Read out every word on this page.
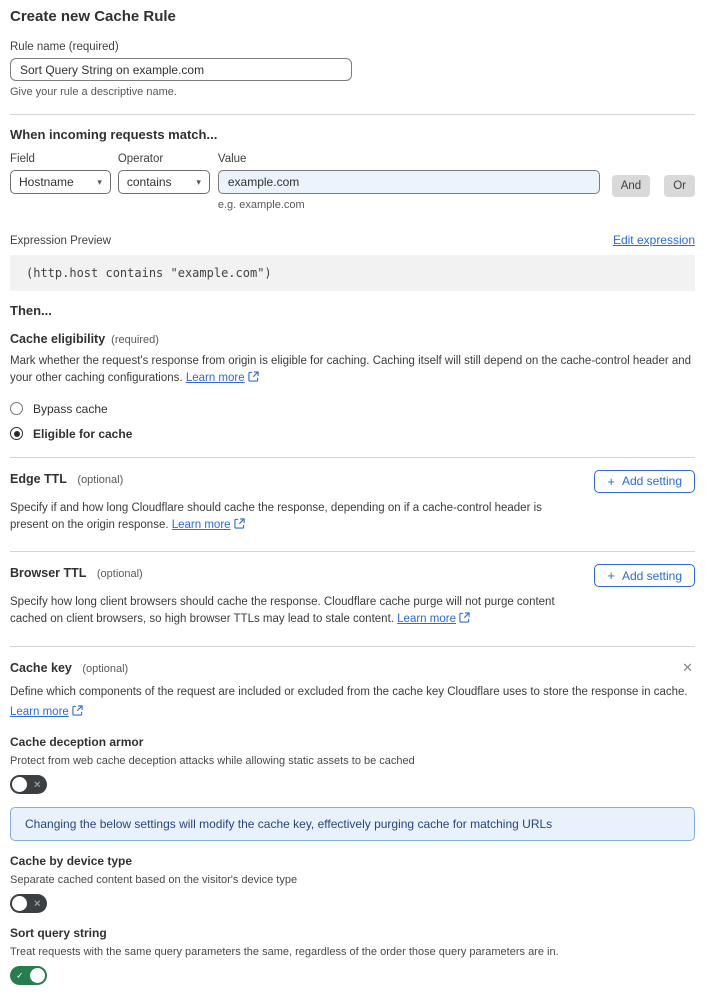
Create new Cache Rule
Rule name (required)
Sort Query String on example.com
Give your rule a descriptive name.
When incoming requests match...
Field
Hostname	▾
Operator
contains	▾
Value
example.com
e.g. example.com
And	Or
Expression Preview	Edit expression
(http.host contains "example.com")
Then...
Cache eligibility (required)

Mark whether the request's response from origin is eligible for caching. Caching itself will still depend on the cache-control header and your other caching configurations. Learn more

Bypass cache
Eligible for cache
Edge TTL (optional)	+ Add setting

Specify if and how long Cloudflare should cache the response, depending on if a cache-control header is present on the origin response. Learn more

Browser TTL (optional)	+ Add setting

Specify how long client browsers should cache the response. Cloudflare cache purge will not purge content cached on client browsers, so high browser TTLs may lead to stale content. Learn more

Cache key (optional)	✕

Define which components of the request are included or excluded from the cache key Cloudflare uses to store the response in cache.

Learn more

Cache deception armor
Protect from web cache deception attacks while allowing static assets to be cached
✕
Changing the below settings will modify the cache key, effectively purging cache for matching URLs
Cache by device type
Separate cached content based on the visitor's device type
✕
Sort query string
Treat requests with the same query parameters the same, regardless of the order those query parameters are in.
✓
